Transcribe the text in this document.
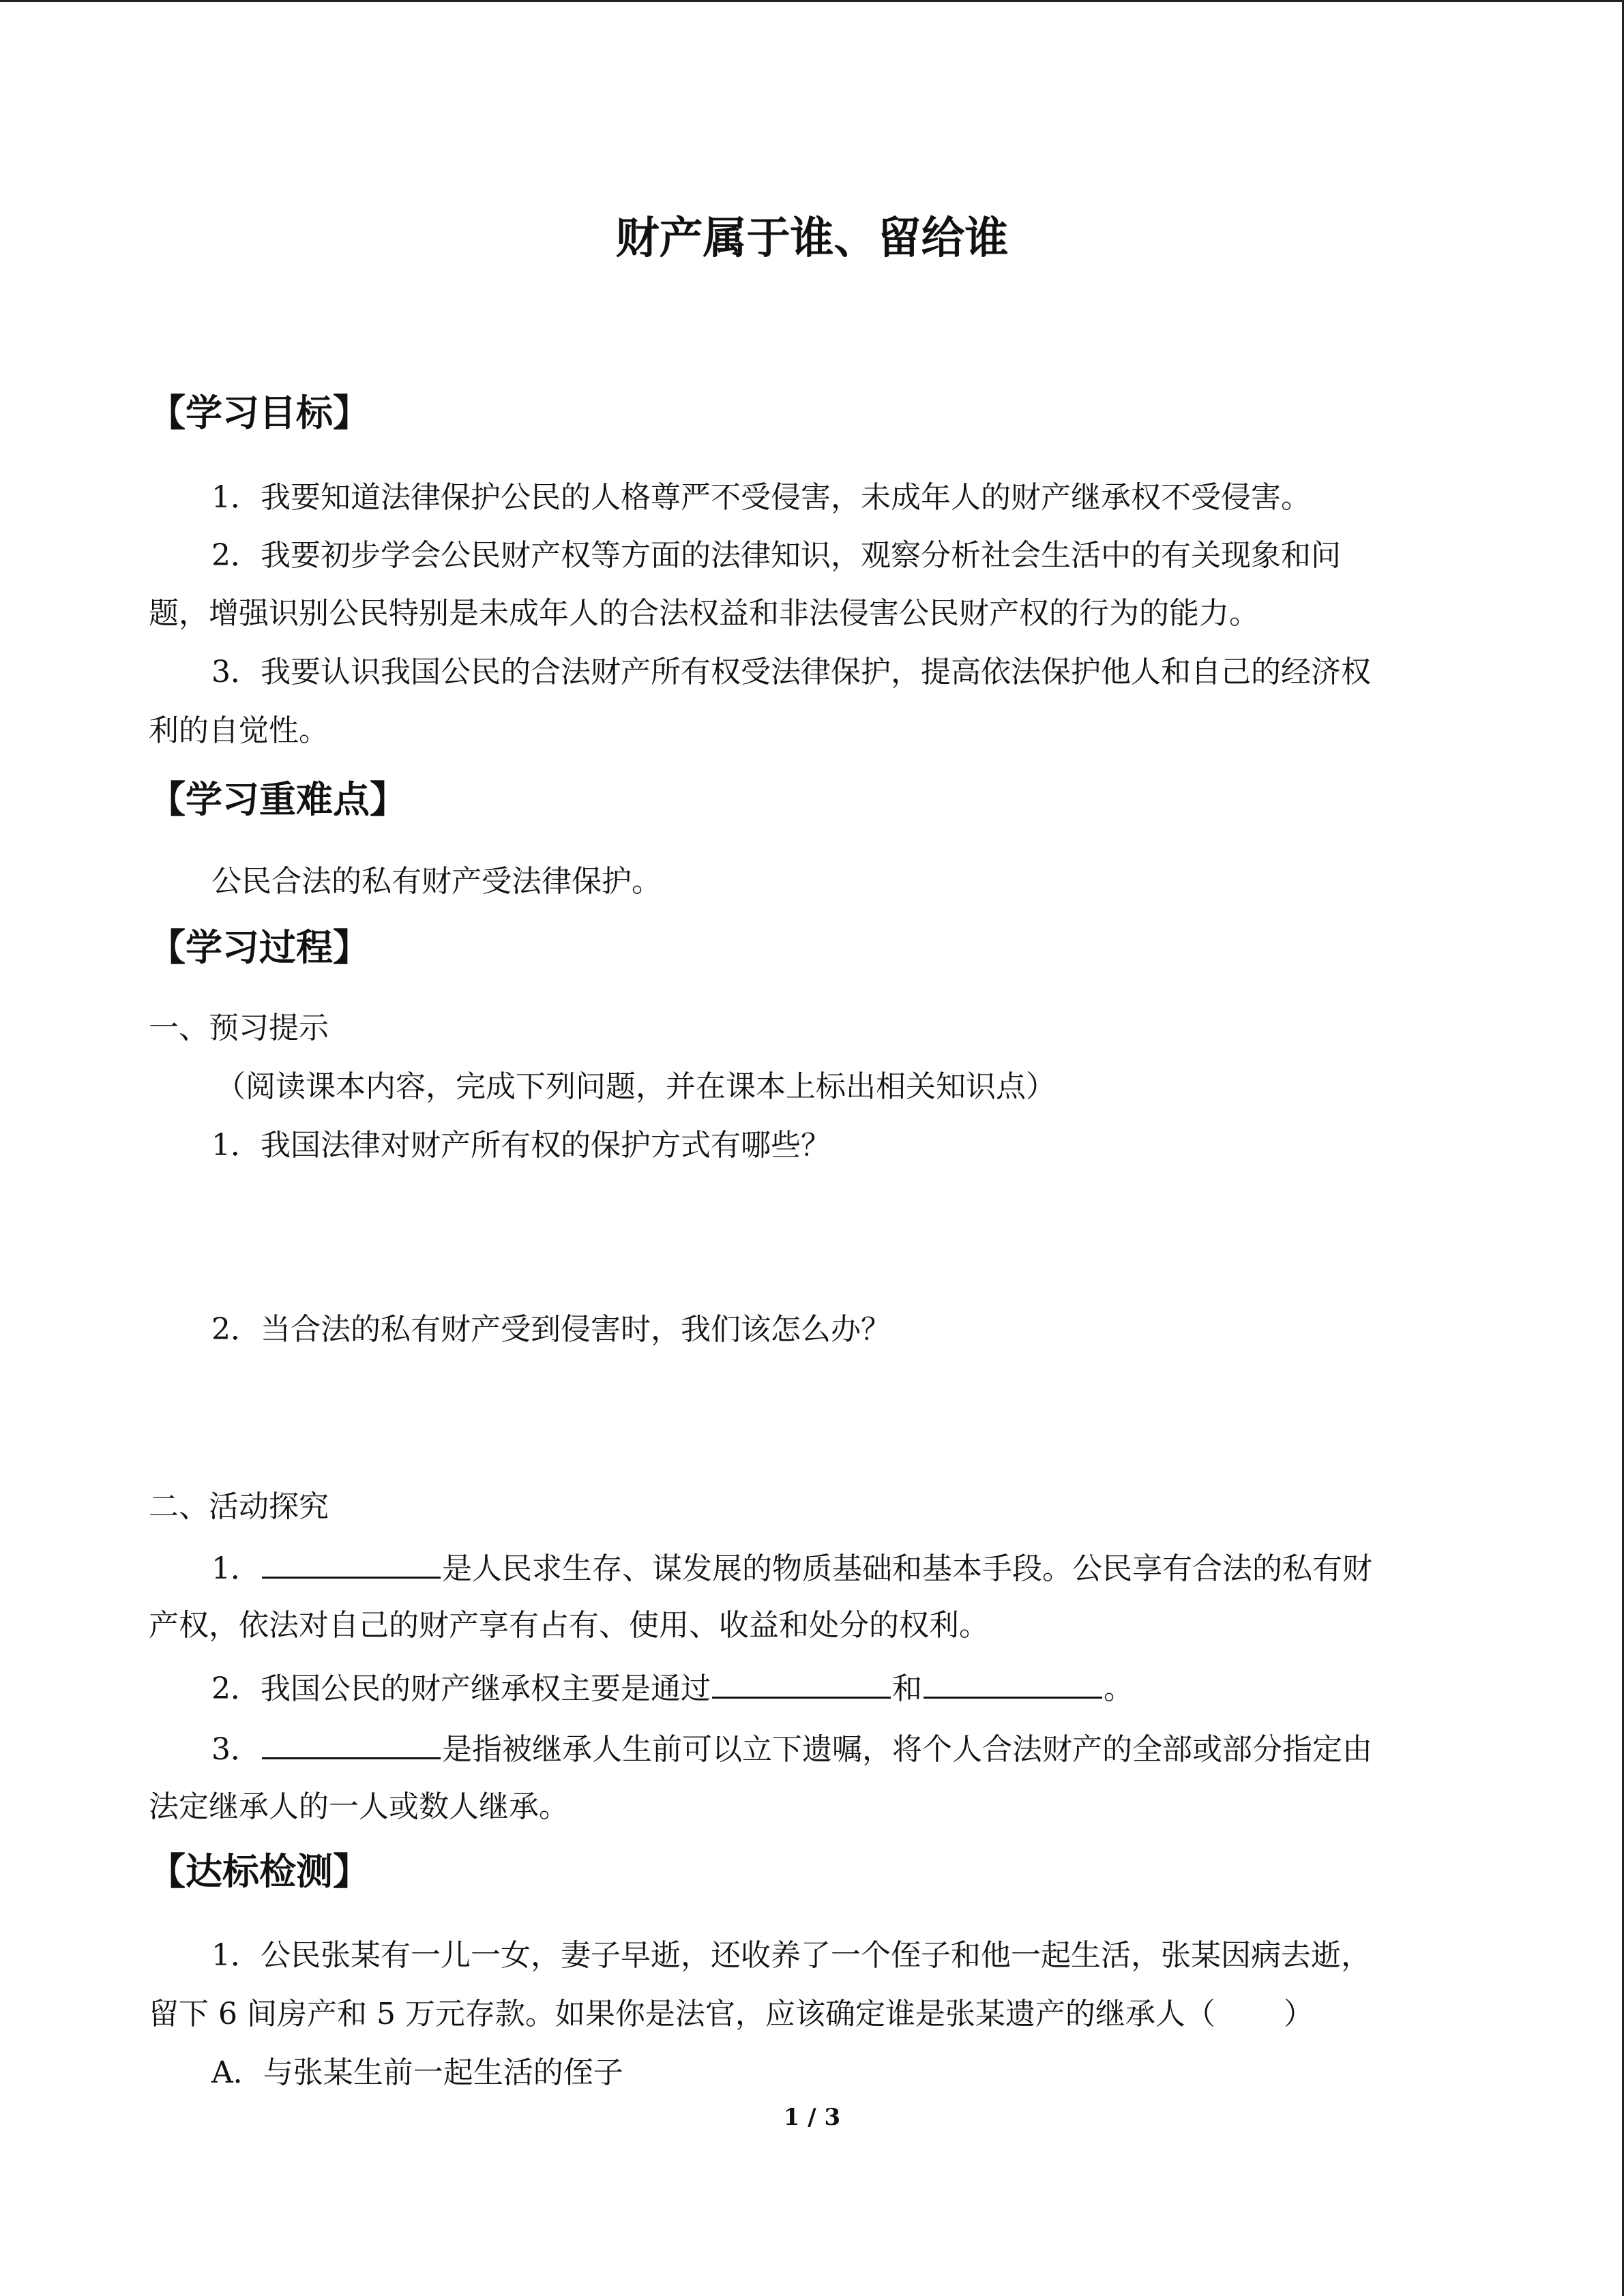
财产属于谁、留给谁
【学习目标】
1．我要知道法律保护公民的人格尊严不受侵害，未成年人的财产继承权不受侵害。
2．我要初步学会公民财产权等方面的法律知识，观察分析社会生活中的有关现象和问
题，增强识别公民特别是未成年人的合法权益和非法侵害公民财产权的行为的能力。
3．我要认识我国公民的合法财产所有权受法律保护，提高依法保护他人和自己的经济权
利的自觉性。
【学习重难点】
公民合法的私有财产受法律保护。
【学习过程】
一、预习提示
（阅读课本内容，完成下列问题，并在课本上标出相关知识点）
1．我国法律对财产所有权的保护方式有哪些？
2．当合法的私有财产受到侵害时，我们该怎么办？
二、活动探究
1．	是人民求生存、谋发展的物质基础和基本手段。公民享有合法的私有财
产权，依法对自己的财产享有占有、使用、收益和处分的权利。
2．我国公民的财产继承权主要是通过	和	。
3．	是指被继承人生前可以立下遗嘱，将个人合法财产的全部或部分指定由
法定继承人的一人或数人继承。
【达标检测】
1．公民张某有一儿一女，妻子早逝，还收养了一个侄子和他一起生活，张某因病去逝，
留下 6 间房产和 5 万元存款。如果你是法官，应该确定谁是张某遗产的继承人（ ）
A．与张某生前一起生活的侄子
1 / 3
